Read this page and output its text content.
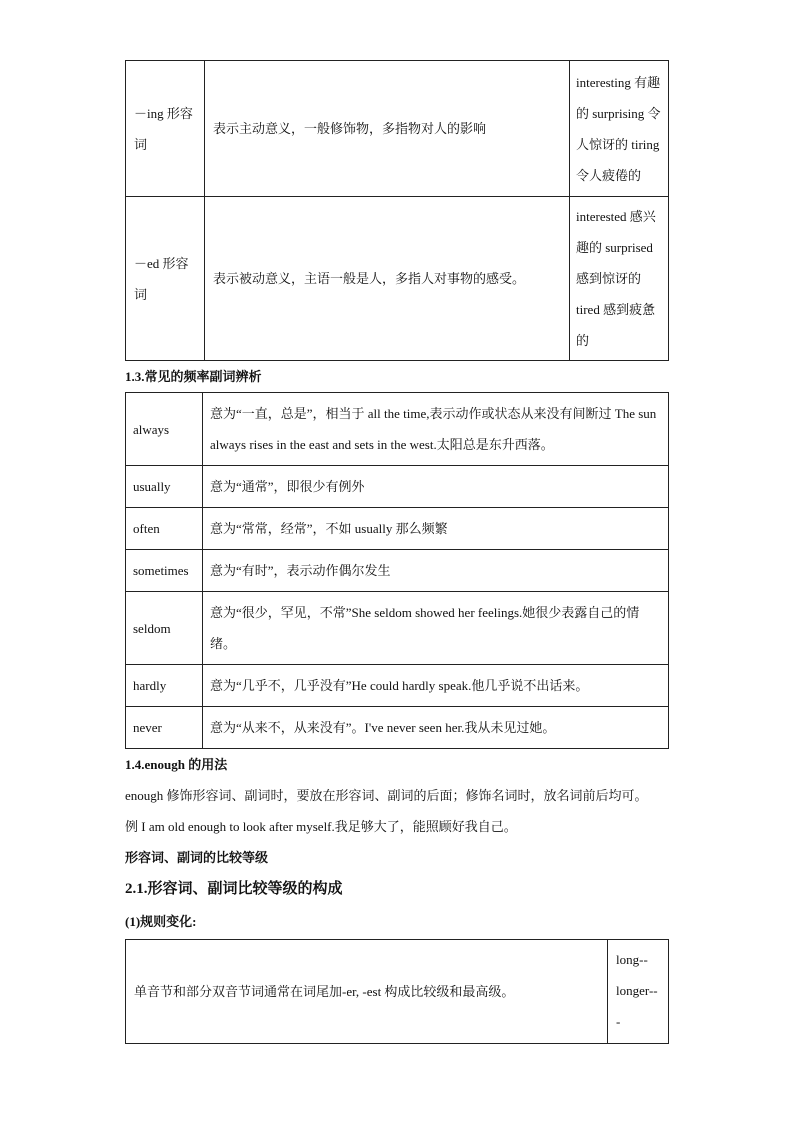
－ing 形容词	表示主动意义，一般修饰物，多指物对人的影响	interesting 有趣的 surprising 令人惊讶的 tiring 令人疲倦的
－ed 形容词	表示被动意义，主语一般是人，多指人对事物的感受。	interested 感兴趣的 surprised 感到惊讶的 tired 感到疲惫的

1.3.常见的频率副词辨析

always	意为“一直，总是”，相当于 all the time,表示动作或状态从来没有间断过 The sun always rises in the east and sets in the west.太阳总是东升西落。
usually	意为“通常”，即很少有例外
often	意为“常常，经常”，不如 usually 那么频繁
sometimes	意为“有时”，表示动作偶尔发生
seldom	意为“很少，罕见，不常”She seldom showed her feelings.她很少表露自己的情绪。
hardly	意为“几乎不，几乎没有”He could hardly speak.他几乎说不出话来。
never	意为“从来不，从来没有”。I've never seen her.我从未见过她。

1.4.enough 的用法

enough 修饰形容词、副词时，要放在形容词、副词的后面；修饰名词时，放名词前后均可。

例 I am old enough to look after myself.我足够大了，能照顾好我自己。

形容词、副词的比较等级

2.1.形容词、副词比较等级的构成

(1)规则变化:

单音节和部分双音节词通常在词尾加-er, -est 构成比较级和最高级。	long-- longer-- -
